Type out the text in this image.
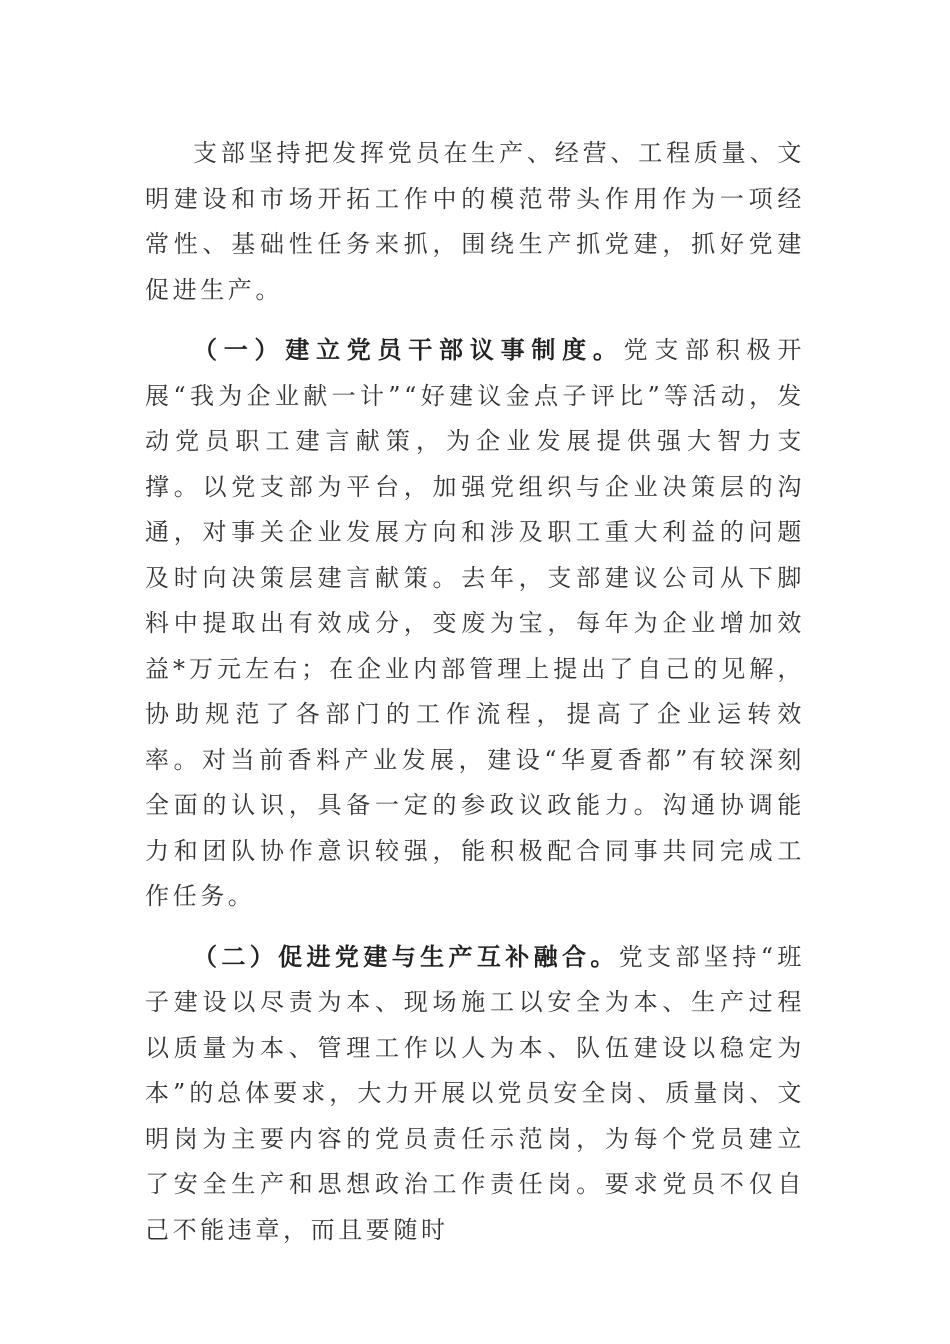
支部坚持把发挥党员在生产、经营、工程质量、文明建设和市场开拓工作中的模范带头作用作为一项经常性、基础性任务来抓，围绕生产抓党建，抓好党建促进生产。

（一）建立党员干部议事制度。党支部积极开展“我为企业献一计”“好建议金点子评比”等活动，发动党员职工建言献策，为企业发展提供强大智力支撑。以党支部为平台，加强党组织与企业决策层的沟通，对事关企业发展方向和涉及职工重大利益的问题及时向决策层建言献策。去年，支部建议公司从下脚料中提取出有效成分，变废为宝，每年为企业增加效益*万元左右；在企业内部管理上提出了自己的见解，协助规范了各部门的工作流程，提高了企业运转效率。对当前香料产业发展，建设“华夏香都”有较深刻全面的认识，具备一定的参政议政能力。沟通协调能力和团队协作意识较强，能积极配合同事共同完成工作任务。

（二）促进党建与生产互补融合。党支部坚持“班子建设以尽责为本、现场施工以安全为本、生产过程以质量为本、管理工作以人为本、队伍建设以稳定为本”的总体要求，大力开展以党员安全岗、质量岗、文明岗为主要内容的党员责任示范岗，为每个党员建立了安全生产和思想政治工作责任岗。要求党员不仅自己不能违章，而且要随时
